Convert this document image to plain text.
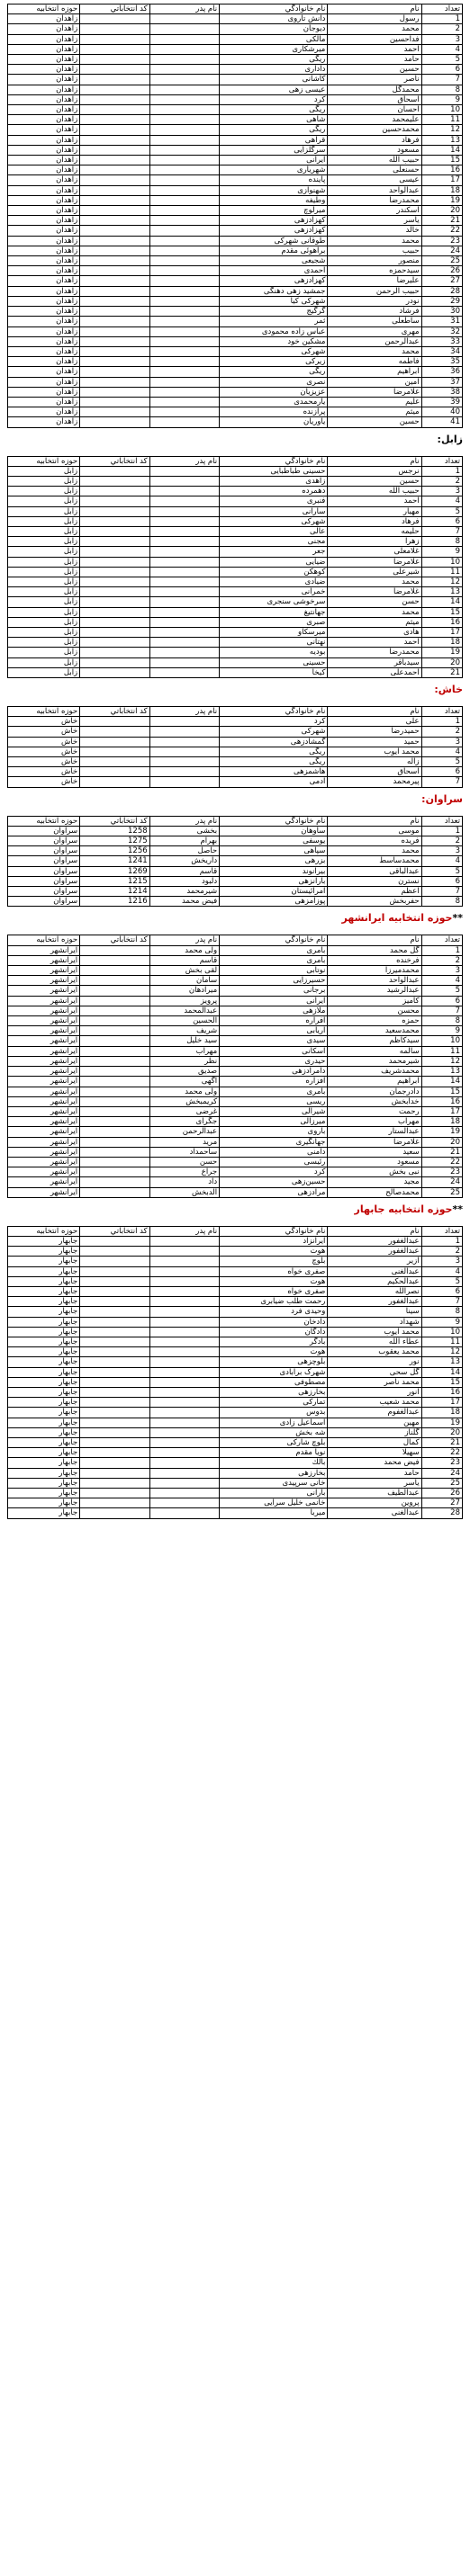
تعداد	نام	نام خانوادگي	نام پدر	كد انتخاباتي	حوزه انتخابيه
1	رسول	دانش تاروی			زاهدان
2	محمد	ديوجان			زاهدان
3	فداحسين	مالكی			زاهدان
4	احمد	ميرشكاری			زاهدان
5	حامد	ريگی			زاهدان
6	حسين	داداری			زاهدان
7	ناصر	كاشانی			زاهدان
8	محمدگل	عيسی زهی			زاهدان
9	اسحاق	كرد			زاهدان
10	احسان	ريگی			زاهدان
11	عليمحمد	شاهی			زاهدان
12	محمدحسين	ريگی			زاهدان
13	فرهاد	قراهی			زاهدان
14	مسعود	سرگلزايی			زاهدان
15	حبيب الله	ايرانی			زاهدان
16	حسنعلی	شهرياری			زاهدان
17	عيسی	پاينده			زاهدان
18	عبدالواحد	شهنوازی			زاهدان
19	محمدرضا	وطيفه			زاهدان
20	اسكندر	ميرلوچ			زاهدان
21	ياسر	كهزادزهی			زاهدان
22	خالد	كهزادزهی			زاهدان
23	محمد	طوقانی شهركی			زاهدان
24	حبيب	براهوئی مقدم			زاهدان
25	منصور	شجيعی			زاهدان
26	سيدحمزه	احمدی			زاهدان
27	عليرضا	كهزادزهی			زاهدان
28	حبيب الرحمن	جمشيد زهی دهنگی			زاهدان
29	نودر	شهركی كيا			زاهدان
30	فرشاد	گرگيج			زاهدان
31	ساطعلی	ثمر			زاهدان
32	مهری	عباس زاده محمودی			زاهدان
33	عبدالرحمن	مشكين خود			زاهدان
34	محمد	شهركی			زاهدان
35	فاطمه	زيركی			زاهدان
36	ابراهيم	ريگی			زاهدان
37	امين	نصری			زاهدان
38	غلامرضا	عزيزيان			زاهدان
39	غليم	يارمحمدی			زاهدان
40	ميثم	پرازنده			زاهدان
41	حسين	ياوريان			زاهدان
زابل:
تعداد	نام	نام خانوادگي	نام پدر	كد انتخاباتي	حوزه انتخابيه
1	نرجس	حسينی طباطبايی			زابل
2	حسين	زاهدی			زابل
3	حبيب الله	دهمرده			زابل
4	احمد	فنبری			زابل
5	مهيار	سارانی			زابل
6	فرهاد	شهركی			زابل
7	حليمه	عالی			زابل
8	زهرا	مجنی			زابل
9	غلامعلی	جعر			زابل
10	غلامرضا	ضيايی			زابل
11	شيرعلی	كوهكن			زابل
12	محمد	ضيادی			زابل
13	غلامرضا	خمرانی			زابل
14	حسن	سرخوشی سنجری			زابل
15	محمد	جهانتيغ			زابل
16	ميثم	صبری			زابل
17	هادی	ميرسكاو			زابل
18	احمد	نهتانی			زابل
19	محمدرضا	بوديه			زابل
20	سيدباقر	حسينی			زابل
21	احمدعلی	كيخا			زابل
خاش:
تعداد	نام	نام خانوادگي	نام پدر	كد انتخاباتي	حوزه انتخابيه
1	علی	كرد			خاش
2	حميدرضا	شهركی			خاش
3	حميد	گمشادزهی			خاش
4	محمد ايوب	ريگی			خاش
5	زاله	ريگی			خاش
6	اسحاق	هاشمزهی			خاش
7	پيرمحمد	آدمی			خاش
سراوان:
تعداد	نام	نام خانوادگي	نام پدر	كد انتخاباتي	حوزه انتخابيه
1	موسی	ساوهان	بخشی	1258	سراوان
2	فريده	يوسفی	بهرام	1275	سراوان
3	محمد	سپاهی	حاصل	1256	سراوان
4	محمدساسط	بزرهی	داريخش	1241	سراوان
5	عبدالباقی	بيرانوند	قاسم	1269	سراوان
6	نسترن	بارانزهی	دلبود	1215	سراوان
7	اعظم	امرائيستان	شيرمحمد	1214	سراوان
8	حفربخش	پوزامزهی	فيض محمد	1216	سراوان
**حوزه انتخابيه ايرانشهر
تعداد	نام	نام خانوادگي	نام پدر	كد انتخاباتي	حوزه انتخابيه
1	گل محمد	بامری	ولی محمد		ايرانشهر
2	فرخنده	بامری	قاسم		ايرانشهر
3	محمدميرزا	نوتابی	لقی بخش		ايرانشهر
4	عبدالواحد	حسيرزايی	سامان		ايرانشهر
5	عبدالرشيد	برجانی	ميرادهان		ايرانشهر
6	كاميز	ايرانی	پرويز		ايرانشهر
7	محسن	ملازهی	عبدالمحمد		ايرانشهر
8	حمزه	افراره	الحسين		ايرانشهر
9	محمدسعيد	اريابی	شريف		ايرانشهر
10	سيدكاظم	سيدی	سيد خليل		ايرانشهر
11	سالمه	اسكانی	مهراب		ايرانشهر
12	شيرمحمد	حيدری	نظر		ايرانشهر
13	محمدشريف	دامرادزهی	صديق		ايرانشهر
14	ابراهيم	افزاره	آگهی		ايرانشهر
15	دادرجمان	بامری	ولی محمد		ايرانشهر
16	خدابخش	ريسی	كريمبخش		ايرانشهر
17	رحمت	شيرالی	غرضی		ايرانشهر
18	مهراب	ميرزالی	جگرای		ايرانشهر
19	عبدالستار	باروی	عبدالرحمن		ايرانشهر
20	غلامرضا	جهانگيری	مريد		ايرانشهر
21	سعيد	دامنی	ساحمداد		ايرانشهر
22	مسعود	رئيسی	حسن		ايرانشهر
23	نبی بخش	كرد	جراع		ايرانشهر
24	مجيد	حسين‌زهی	داد		ايرانشهر
25	محمدصالح	مرادزهی	الدبخش		ايرانشهر
**حوزه انتخابيه جابهار
تعداد	نام	نام خانوادگي	نام پدر	كد انتخاباتي	حوزه انتخابيه
1	عبدالغفور	ايرانزاد			جابهار
2	عبدالغفور	هوت			جابهار
3	ازير	بلوچ			جابهار
4	عبدالغنی	صفری خواه			جابهار
5	عبدالحكيم	هوت			جابهار
6	نصرالله	صفری خواه			جابهار
7	عبدالغفور	رحمت طلب ضيابری			جابهار
8	سينا	وحيدی فرد			جابهار
9	شهداد	دادخان			جابهار
10	محمد ايوب	دادگان			جابهار
11	عطاء الله	بادگر			جابهار
12	محمد يعقوب	هوت			جابهار
13	نور	بلوچزهی			جابهار
14	گل سحی	شهرک برابادی			جابهار
15	محمد ناصر	مصطوفی			جابهار
16	انور	بخارزهی			جابهار
17	محمد شعيب	تماركی			جابهار
18	عبدالغفوم	بدوس			جابهار
19	مهين	اسماعيل زادی			جابهار
20	گلناز	شه بخش			جابهار
21	كمال	بلوچ شاركی			جابهار
22	سهيلا	نويا مقدم			جابهار
23	فيض محمد	بالك			جابهار
24	حامد	بخارزهی			جابهار
25	ياسر	خانی سرپيدی			جابهار
26	عبدالطيف	بارانی			جابهار
27	پروين	خانمی خليل سرايی			جابهار
28	عبدالغنی	ميربا			جابهار
